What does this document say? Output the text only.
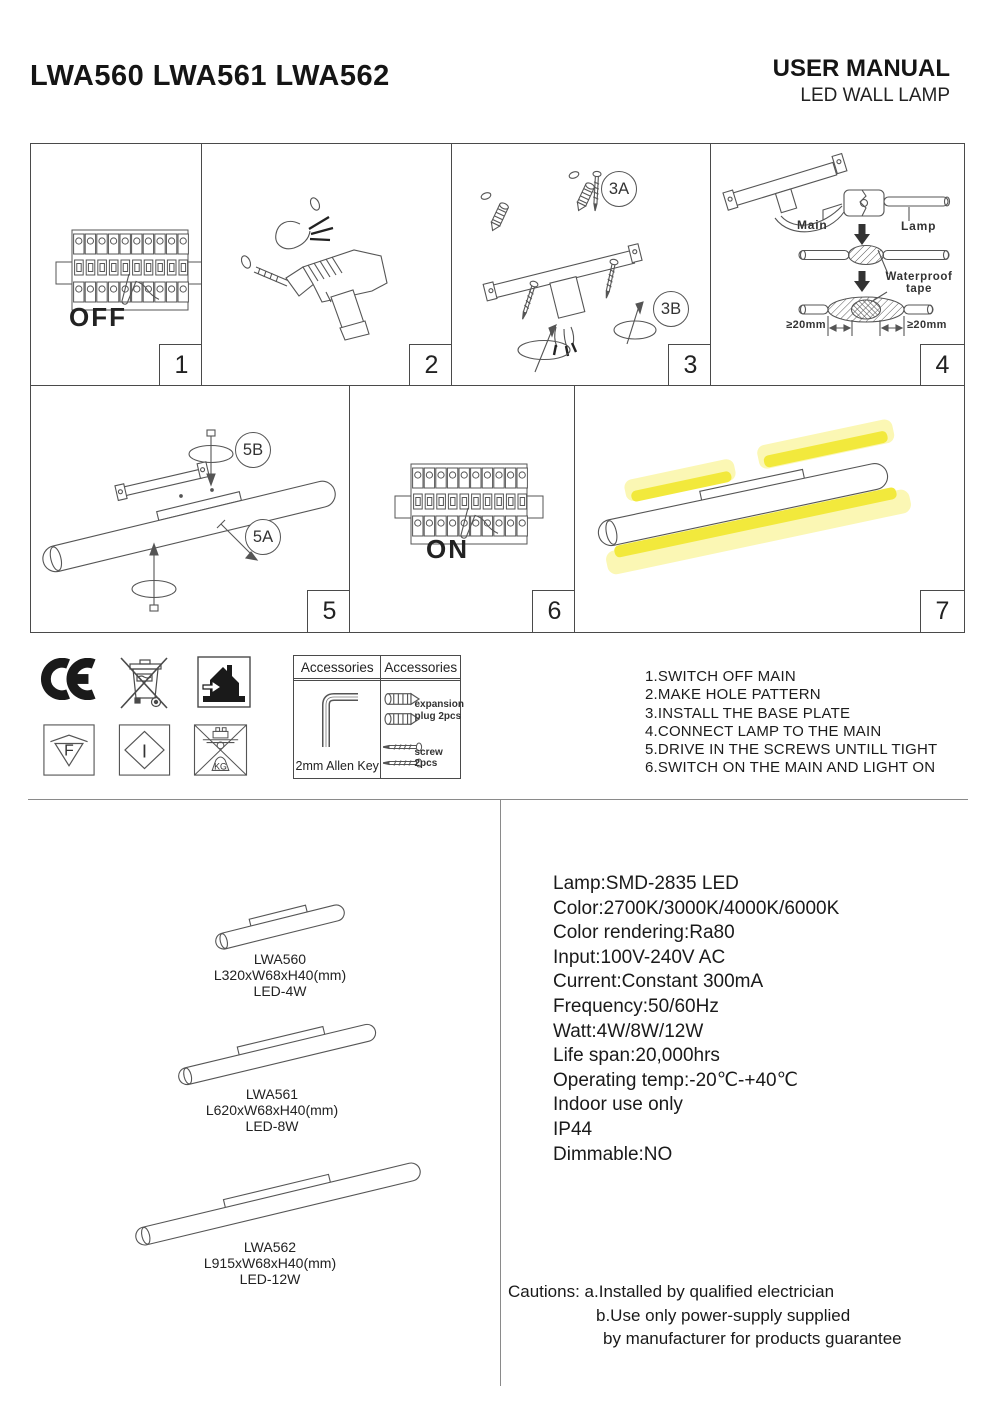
LWA560 LWA561 LWA562	USER MANUAL
LED WALL LAMP
OFF
1	2
3A
3B
3
Main	Lamp
Waterproof
tape
≥20mm	≥20mm
4
5B
5A
5
ON
6	7
F	I
KG
Accessories
2mm Allen Key
Accessories
expansion
plug 2pcs
screw 2pcs
1.SWITCH OFF MAIN
2.MAKE HOLE PATTERN
3.INSTALL THE BASE PLATE
4.CONNECT LAMP TO THE MAIN
5.DRIVE IN THE SCREWS UNTILL TIGHT
6.SWITCH ON THE MAIN AND LIGHT ON
LWA560
L320xW68xH40(mm)
LED-4W
LWA561
L620xW68xH40(mm)
LED-8W
LWA562
L915xW68xH40(mm)
LED-12W
Lamp:SMD-2835 LED
Color:2700K/3000K/4000K/6000K
Color rendering:Ra80
Input:100V-240V AC
Current:Constant 300mA
Frequency:50/60Hz
Watt:4W/8W/12W
Life span:20,000hrs
Operating temp:-20℃-+40℃
Indoor use only
IP44
Dimmable:NO
Cautions: a.Installed by qualified electrician
b.Use only power-supply supplied
by manufacturer for products guarantee
